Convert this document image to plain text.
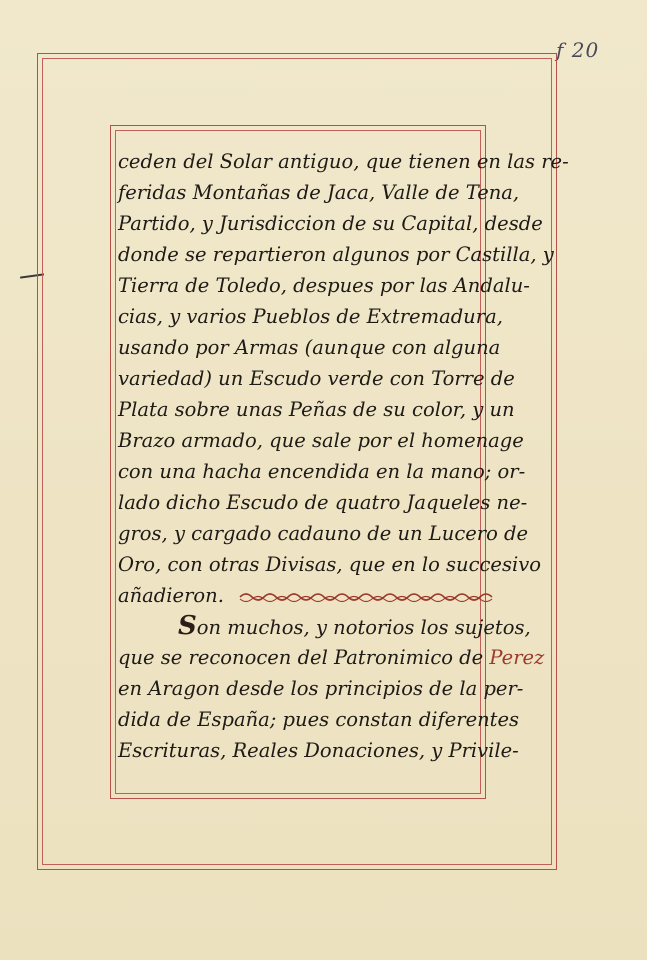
f 20
ceden del Solar antiguo, que tienen en las re-
feridas Montañas de Jaca, Valle de Tena,
Partido, y Jurisdiccion de su Capital, desde
donde se repartieron algunos por Castilla, y
Tierra de Toledo, despues por las Andalu-
cias, y varios Pueblos de Extremadura,
usando por Armas (aunque con alguna
variedad) un Escudo verde con Torre de
Plata sobre unas Peñas de su color, y un
Brazo armado, que sale por el homenage
con una hacha encendida en la mano; or-
lado dicho Escudo de quatro Jaqueles ne-
gros, y cargado cadauno de un Lucero de
Oro, con otras Divisas, que en lo succesivo
añadieron.
Son muchos, y notorios los sujetos,
que se reconocen del Patronimico de Perez
en Aragon desde los principios de la per-
dida de España; pues constan diferentes
Escrituras, Reales Donaciones, y Privile-
